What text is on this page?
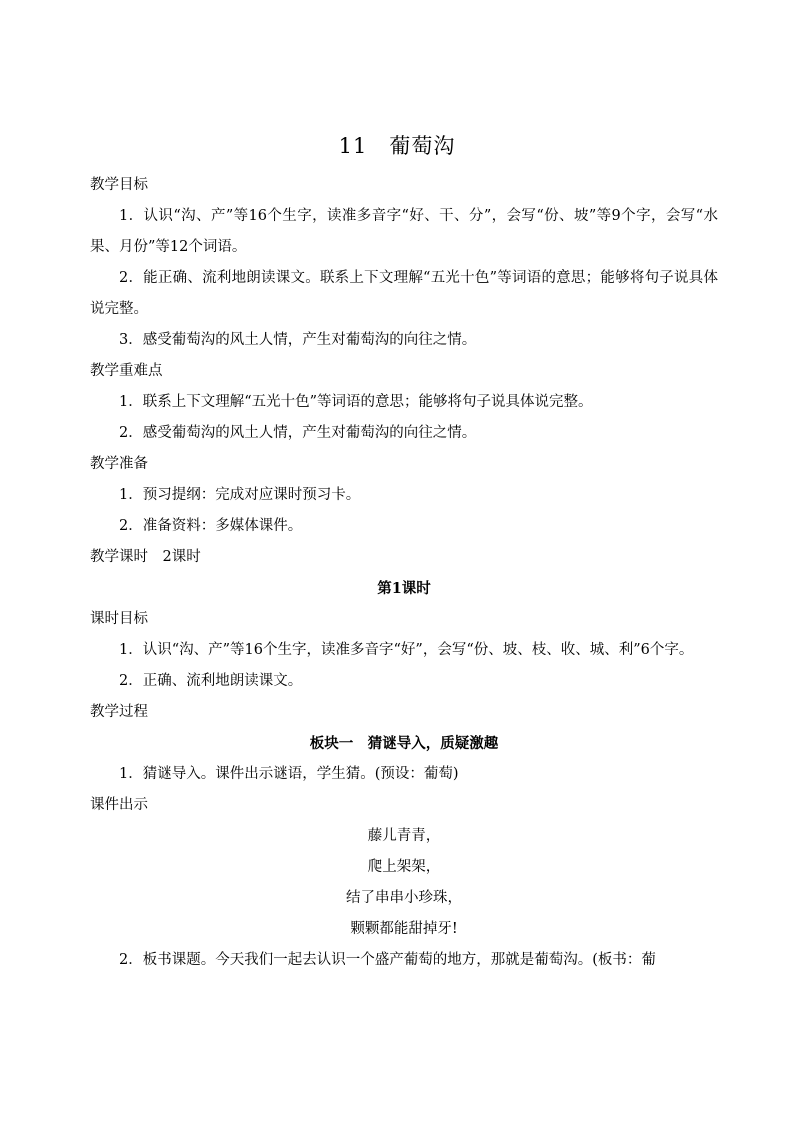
11　葡萄沟

教学目标

1．认识“沟、产”等16个生字，读准多音字“好、干、分”，会写“份、坡”等9个字，会写“水果、月份”等12个词语。

2．能正确、流利地朗读课文。联系上下文理解“五光十色”等词语的意思；能够将句子说具体说完整。

3．感受葡萄沟的风土人情，产生对葡萄沟的向往之情。

教学重难点

1．联系上下文理解“五光十色”等词语的意思；能够将句子说具体说完整。

2．感受葡萄沟的风土人情，产生对葡萄沟的向往之情。

教学准备

1．预习提纲：完成对应课时预习卡。

2．准备资料：多媒体课件。

教学课时　2课时

第1课时

课时目标

1．认识“沟、产”等16个生字，读准多音字“好”，会写“份、坡、枝、收、城、利”6个字。

2．正确、流利地朗读课文。

教学过程

板块一　猜谜导入，质疑激趣

1．猜谜导入。课件出示谜语，学生猜。(预设：葡萄)

课件出示

藤儿青青，

爬上架架，

结了串串小珍珠，

颗颗都能甜掉牙!

2．板书课题。今天我们一起去认识一个盛产葡萄的地方，那就是葡萄沟。(板书：葡
